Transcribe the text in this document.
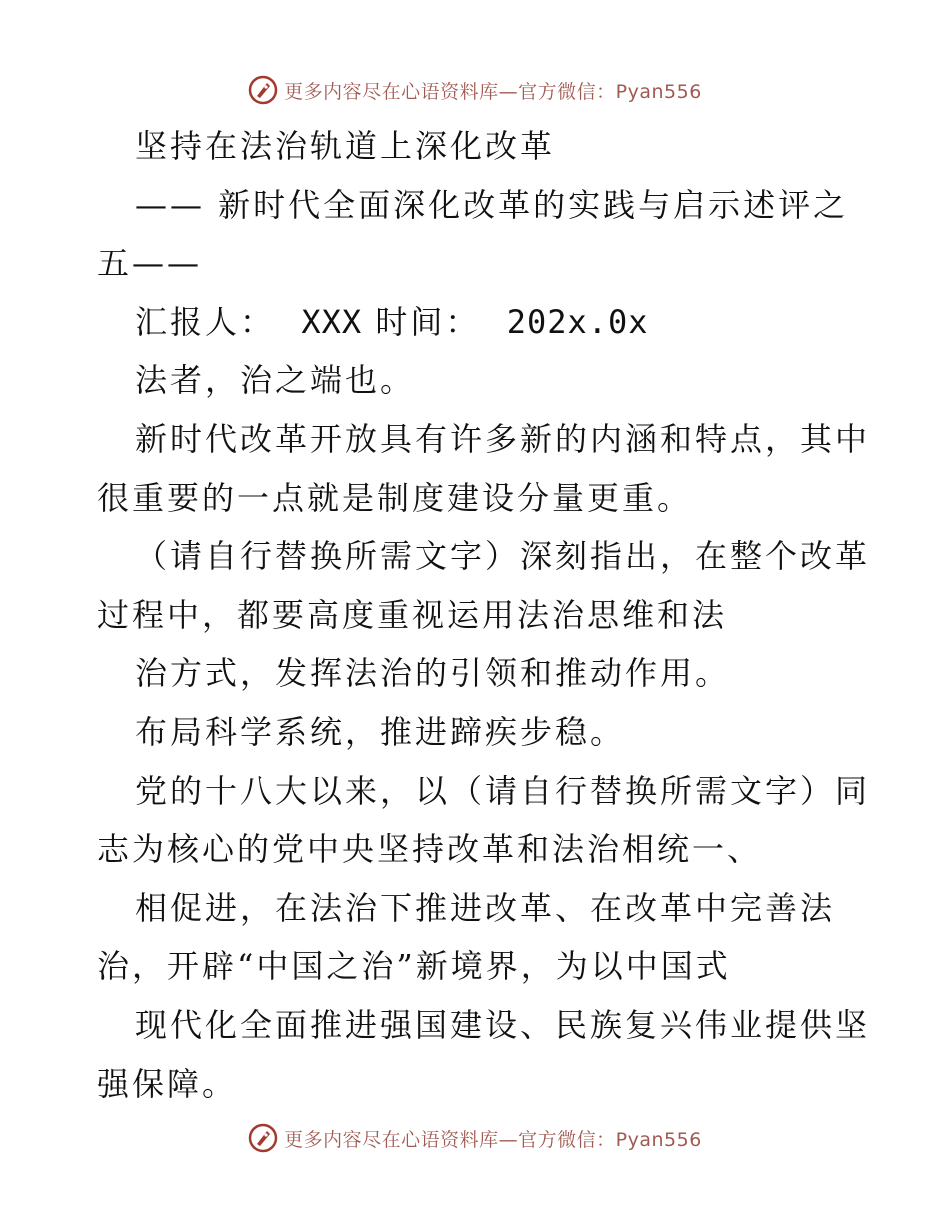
更多内容尽在心语资料库—官方微信：Pyan556
坚持在法治轨道上深化改革
—— 新时代全面深化改革的实践与启示述评之
五——
汇报人： XXX 时间： 202x.0x
法者，治之端也。
新时代改革开放具有许多新的内涵和特点，其中
很重要的一点就是制度建设分量更重。
（请自行替换所需文字）深刻指出，在整个改革
过程中，都要高度重视运用法治思维和法
治方式，发挥法治的引领和推动作用。
布局科学系统，推进蹄疾步稳。
党的十八大以来，以（请自行替换所需文字）同
志为核心的党中央坚持改革和法治相统一、
相促进，在法治下推进改革、在改革中完善法
治，开辟“中国之治”新境界，为以中国式
现代化全面推进强国建设、民族复兴伟业提供坚
强保障。
更多内容尽在心语资料库—官方微信：Pyan556
